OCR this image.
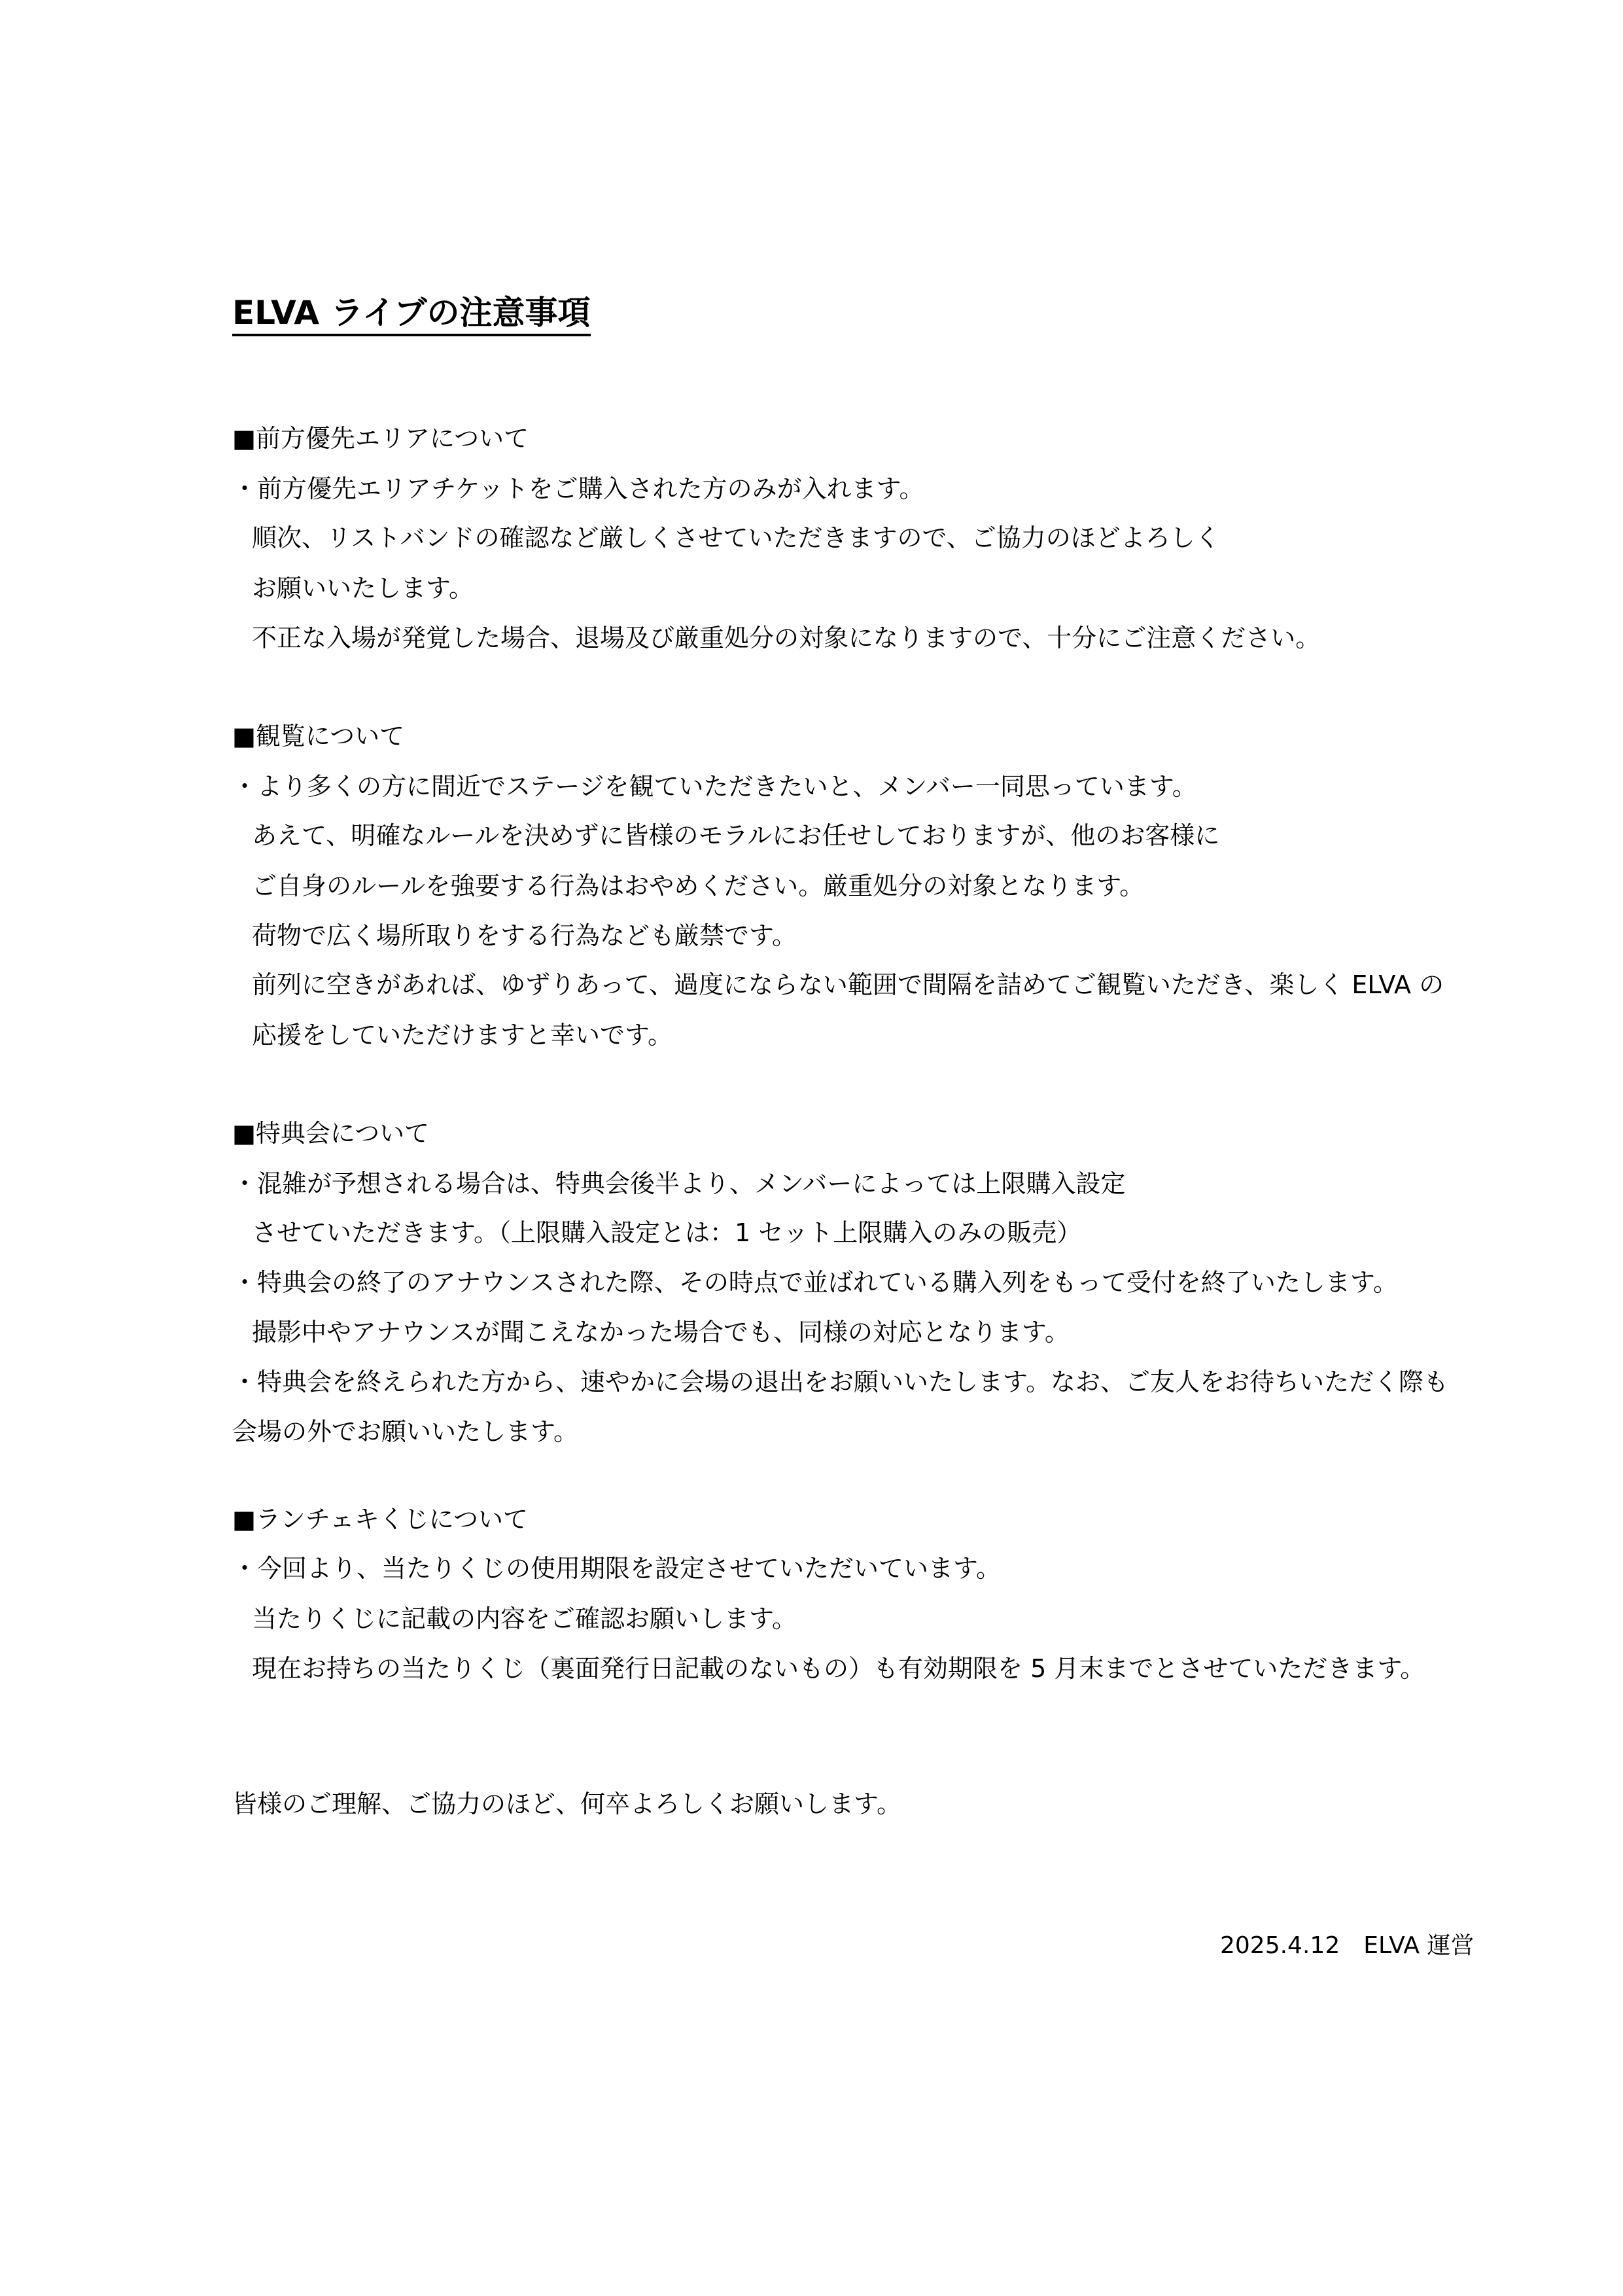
ELVA ライブの注意事項
■前方優先エリアについて
・前方優先エリアチケットをご購入された方のみが入れます。
順次、リストバンドの確認など厳しくさせていただきますので、ご協力のほどよろしく
お願いいたします。
不正な入場が発覚した場合、退場及び厳重処分の対象になりますので、十分にご注意ください。
■観覧について
・より多くの方に間近でステージを観ていただきたいと、メンバー一同思っています。
あえて、明確なルールを決めずに皆様のモラルにお任せしておりますが、他のお客様に
ご自身のルールを強要する行為はおやめください。厳重処分の対象となります。
荷物で広く場所取りをする行為なども厳禁です。
前列に空きがあれば、ゆずりあって、過度にならない範囲で間隔を詰めてご観覧いただき、楽しく ELVA の
応援をしていただけますと幸いです。
■特典会について
・混雑が予想される場合は、特典会後半より、メンバーによっては上限購入設定
させていただきます。（上限購入設定とは：1 セット上限購入のみの販売）
・特典会の終了のアナウンスされた際、その時点で並ばれている購入列をもって受付を終了いたします。
撮影中やアナウンスが聞こえなかった場合でも、同様の対応となります。
・特典会を終えられた方から、速やかに会場の退出をお願いいたします。なお、ご友人をお待ちいただく際も
会場の外でお願いいたします。
■ランチェキくじについて
・今回より、当たりくじの使用期限を設定させていただいています。
当たりくじに記載の内容をご確認お願いします。
現在お持ちの当たりくじ（裏面発行日記載のないもの）も有効期限を 5 月末までとさせていただきます。
皆様のご理解、ご協力のほど、何卒よろしくお願いします。
2025.4.12　ELVA 運営
